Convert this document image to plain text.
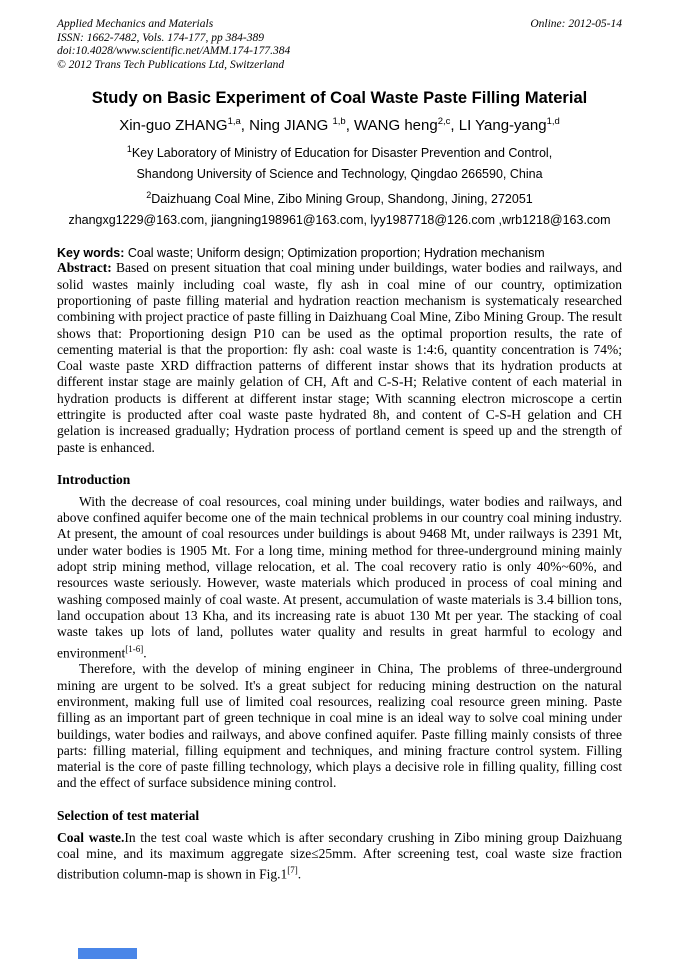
Applied Mechanics and Materials	Online: 2012-05-14
ISSN: 1662-7482, Vols. 174-177, pp 384-389
doi:10.4028/www.scientific.net/AMM.174-177.384
© 2012 Trans Tech Publications Ltd, Switzerland
Study on Basic Experiment of Coal Waste Paste Filling Material
Xin-guo ZHANG$^{1,a}$, Ning JIANG $^{1,b}$, WANG heng$^{2,c}$, LI Yang-yang$^{1,d}$
$^1$Key Laboratory of Ministry of Education for Disaster Prevention and Control,
Shandong University of Science and Technology, Qingdao 266590, China
$^2$Daizhuang Coal Mine, Zibo Mining Group, Shandong, Jining, 272051
zhangxg1229@163.com, jiangning198961@163.com, lyy1987718@126.com ,wrb1218@163.com

Key words: Coal waste; Uniform design; Optimization proportion; Hydration mechanism

Abstract: Based on present situation that coal mining under buildings, water bodies and railways, and solid wastes mainly including coal waste, fly ash in coal mine of our country, optimization proportioning of paste filling material and hydration reaction mechanism is systematicaly researched combining with project practice of paste filling in Daizhuang Coal Mine, Zibo Mining Group. The result shows that: Proportioning design P10 can be used as the optimal proportion results, the rate of cementing material is that the proportion: fly ash: coal waste is 1:4:6, quantity concentration is 74%; Coal waste paste XRD diffraction patterns of different instar shows that its hydration products at different instar stage are mainly gelation of CH, Aft and C-S-H; Relative content of each material in hydration products is different at different instar stage; With scanning electron microscope a certin ettringite is producted after coal waste paste hydrated 8h, and content of C-S-H gelation and CH gelation is increased gradually; Hydration process of portland cement is speed up and the strength of paste is enhanced.

Introduction

With the decrease of coal resources, coal mining under buildings, water bodies and railways, and above confined aquifer become one of the main technical problems in our country coal mining industry. At present, the amount of coal resources under buildings is about 9468 Mt, under railways is 2391 Mt, under water bodies is 1905 Mt. For a long time, mining method for three-underground mining mainly adopt strip mining method, village relocation, et al. The coal recovery ratio is only 40%~60%, and resources waste seriously. However, waste materials which produced in process of coal mining and washing composed mainly of coal waste. At present, accumulation of waste materials is 3.4 billion tons, land occupation about 13 Kha, and its increasing rate is abuot 130 Mt per year. The stacking of coal waste takes up lots of land, pollutes water quality and results in great harmful to ecology and environment[1-6].

Therefore, with the develop of mining engineer in China, The problems of three-underground mining are urgent to be solved. It's a great subject for reducing mining destruction on the natural environment, making full use of limited coal resources, realizing coal resource green mining. Paste filling as an important part of green technique in coal mine is an ideal way to solve coal mining under buildings, water bodies and railways, and above confined aquifer. Paste filling mainly consists of three parts: filling material, filling equipment and techniques, and mining fracture control system. Filling material is the core of paste filling technology, which plays a decisive role in filling quality, filling cost and the effect of surface subsidence mining control.

Selection of test material

Coal waste.In the test coal waste which is after secondary crushing in Zibo mining group Daizhuang coal mine, and its maximum aggregate size≤25mm. After screening test, coal waste size fraction distribution column-map is shown in Fig.1[7].
